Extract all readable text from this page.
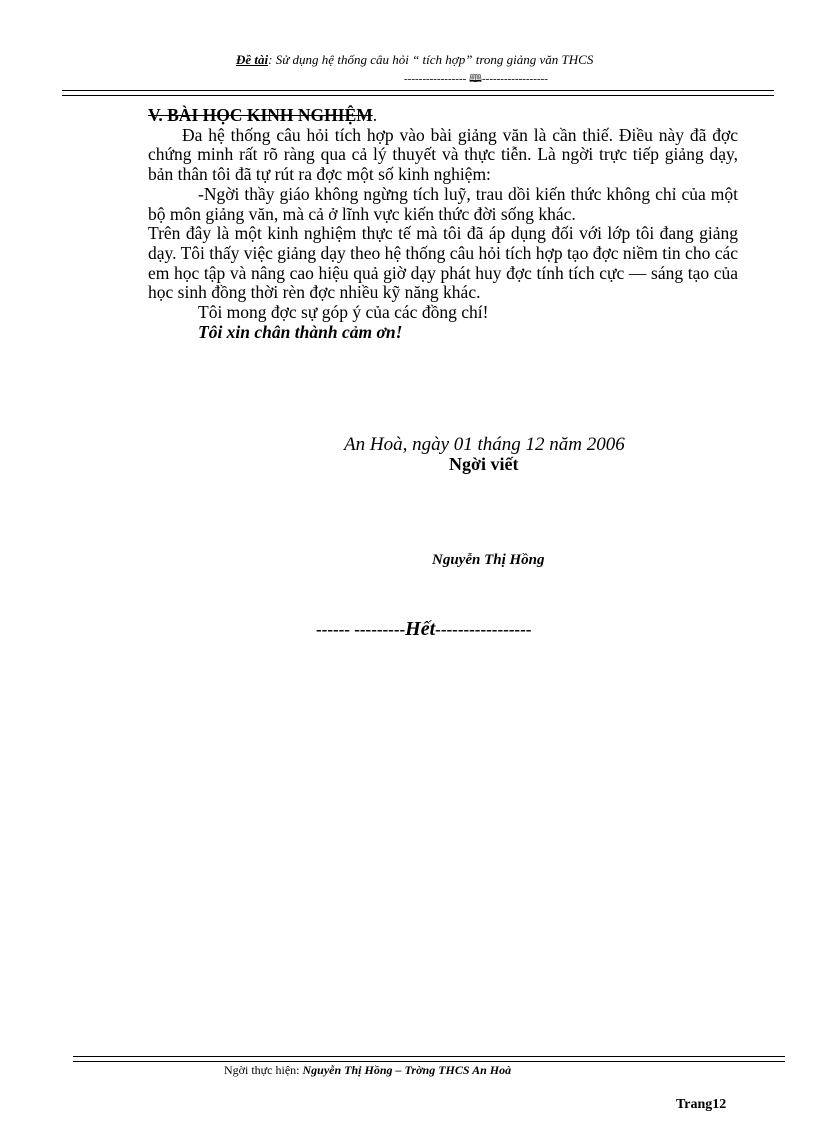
Đề tài: Sử dụng hệ thống câu hỏi “ tích hợp” trong giảng văn THCS
----------------- 🕮------------------

V. BÀI HỌC KINH NGHIỆM.

Đa hệ thống câu hỏi tích hợp vào bài giảng văn là cần thiế. Điều này đã đợc chứng minh rất rõ ràng qua cả lý thuyết và thực tiễn. Là ngời trực tiếp giảng dạy, bản thân tôi đã tự rút ra đợc một số kinh nghiệm:

-Ngời thầy giáo không ngừng tích luỹ, trau dồi kiến thức không chỉ của một bộ môn giảng văn, mà cả ở lĩnh vực kiến thức đời sống khác.

Trên đây là một kinh nghiệm thực tế mà tôi đã áp dụng đối với lớp tôi đang giảng dạy. Tôi thấy việc giảng dạy theo hệ thống câu hỏi tích hợp tạo đợc niềm tin cho các em học tập và nâng cao hiệu quả giờ dạy phát huy đợc tính tích cực — sáng tạo của học sinh đồng thời rèn đợc nhiều kỹ năng khác.

Tôi mong đợc sự góp ý của các đồng chí!

Tôi xin chân thành cảm ơn!

An Hoà, ngày 01 tháng 12 năm 2006
Ngời viết
Nguyễn Thị Hồng
------ ---------Hết-----------------
Ngời thực hiện: Nguyễn Thị Hồng – Trờng THCS An Hoà
Trang12
